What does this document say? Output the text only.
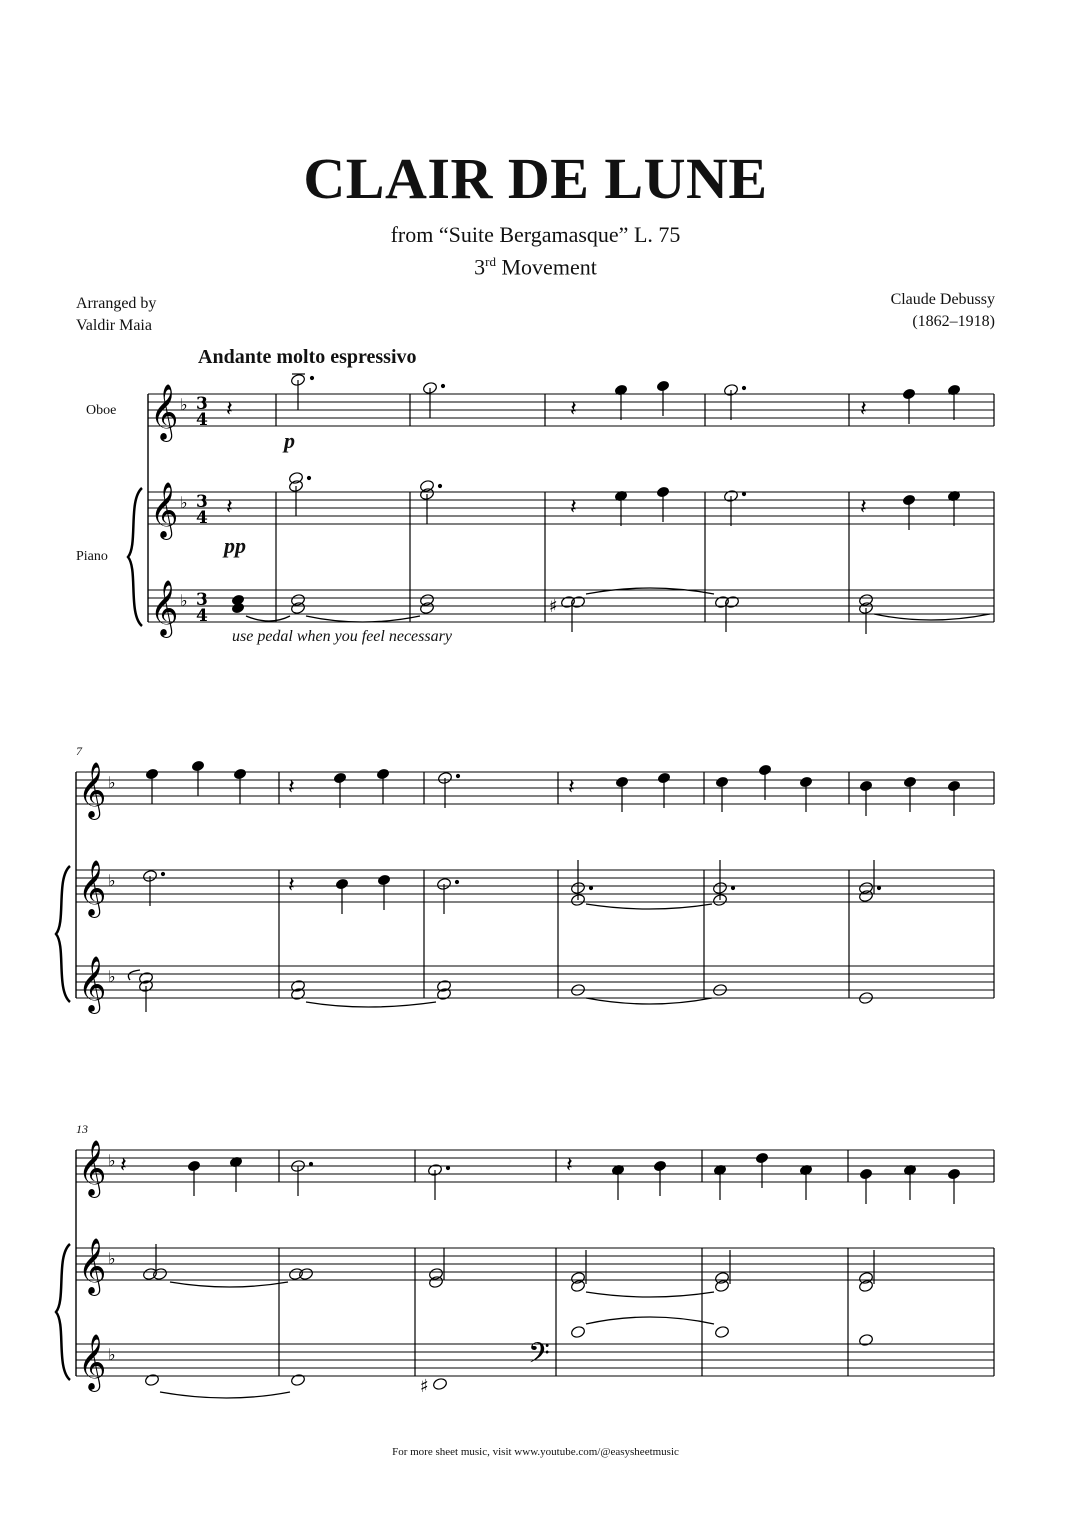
CLAIR DE LUNE
from “Suite Bergamasque” L. 75
3rd Movement
Arranged by
Valdir Maia
Claude Debussy
(1862–1918)
Andante molto espressivo
Oboe
Piano
p
pp
use pedal when you feel necessary
7
13
For more sheet music, visit www.youtube.com/@easysheetmusic
𝄞
𝄞
𝄞
♭
♭
♭
3
4
3
4
3
4
𝄞
𝄞
𝄞
♭
♭
♭
𝄞
𝄞
𝄞
♭
♭
♭	𝄢
𝄽
𝄽
𝄽
𝄽
𝄽
𝄽
𝄽
𝄽
𝄽
𝄽	𝄽
♯
♯
